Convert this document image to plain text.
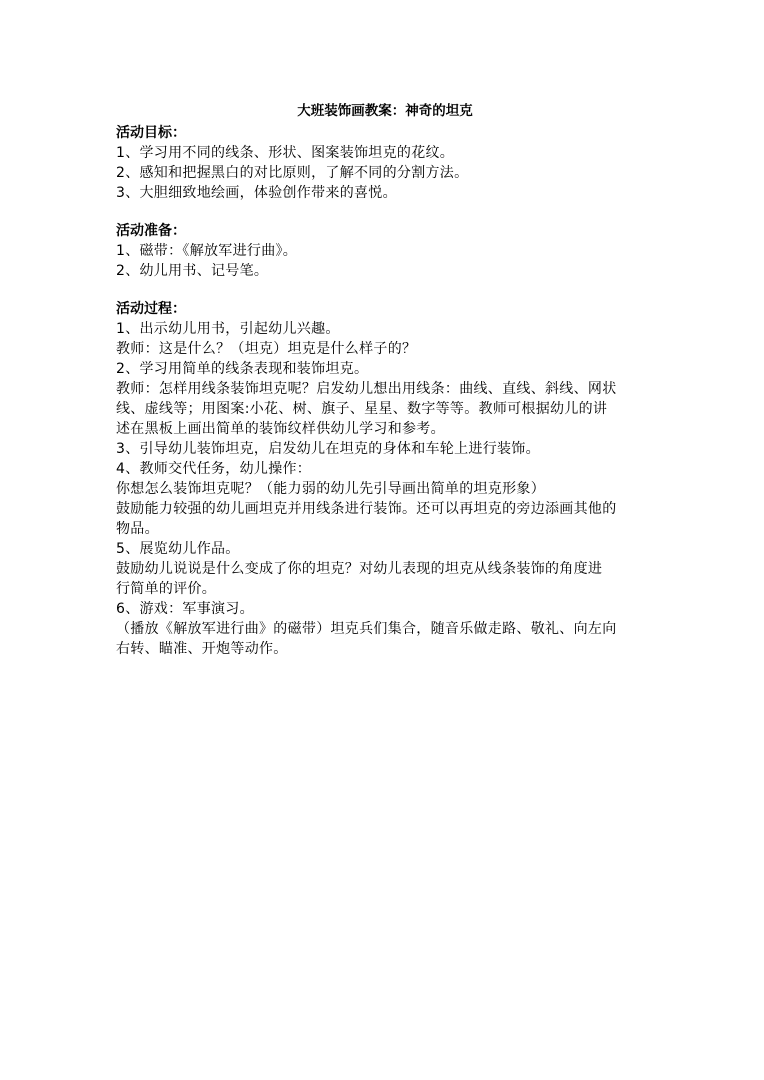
大班装饰画教案：神奇的坦克
活动目标：
1、学习用不同的线条、形状、图案装饰坦克的花纹。
2、感知和把握黑白的对比原则，了解不同的分割方法。
3、大胆细致地绘画，体验创作带来的喜悦。
活动准备：
1、磁带：《解放军进行曲》。
2、幼儿用书、记号笔。
活动过程：
1、出示幼儿用书，引起幼儿兴趣。
教师：这是什么？（坦克）坦克是什么样子的？
2、学习用简单的线条表现和装饰坦克。
教师：怎样用线条装饰坦克呢？启发幼儿想出用线条：曲线、直线、斜线、网状
线、虚线等；用图案:小花、树、旗子、星星、数字等等。教师可根据幼儿的讲
述在黑板上画出简单的装饰纹样供幼儿学习和参考。
3、引导幼儿装饰坦克，启发幼儿在坦克的身体和车轮上进行装饰。
4、教师交代任务，幼儿操作：
你想怎么装饰坦克呢？（能力弱的幼儿先引导画出简单的坦克形象）
鼓励能力较强的幼儿画坦克并用线条进行装饰。还可以再坦克的旁边添画其他的
物品。
5、展览幼儿作品。
鼓励幼儿说说是什么变成了你的坦克？对幼儿表现的坦克从线条装饰的角度进
行简单的评价。
6、游戏：军事演习。
（播放《解放军进行曲》的磁带）坦克兵们集合，随音乐做走路、敬礼、向左向
右转、瞄准、开炮等动作。
